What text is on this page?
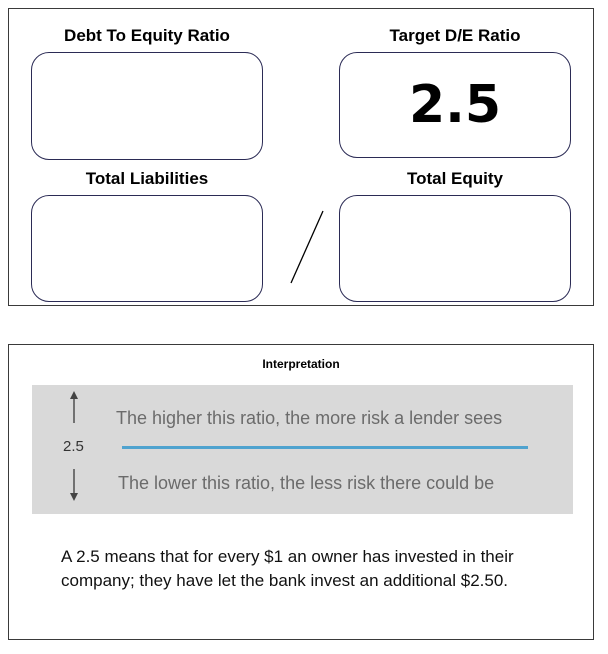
Debt To Equity Ratio	Target D/E Ratio
2.5
Total Liabilities	Total Equity
Interpretation
2.5
The higher this ratio, the more risk a lender sees
The lower this ratio, the less risk there could be
A 2.5 means that for every $1 an owner has invested in their company; they have let the bank invest an additional $2.50.
